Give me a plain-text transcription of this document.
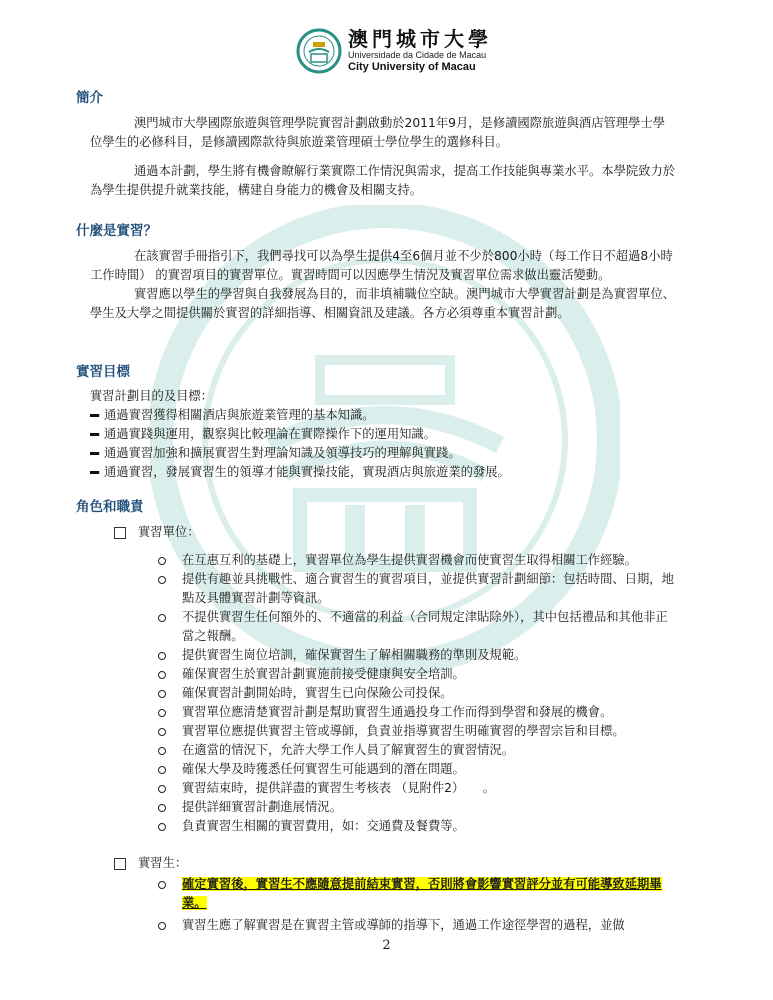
澳門城市大學
Universidade da Cidade de Macau
City University of Macau
簡介

澳門城市大學國際旅遊與管理學院實習計劃啟動於2011年9月，是修讀國際旅遊與酒店管理學士學位學生的必修科目，是修讀國際款待與旅遊業管理碩士學位學生的選修科目。

通過本計劃，學生將有機會瞭解行業實際工作情況與需求，提高工作技能與專業水平。本學院致力於為學生提供提升就業技能，構建自身能力的機會及相關支持。

什麼是實習？

在該實習手冊指引下，我們尋找可以為學生提供4至6個月並不少於800小時（每工作日不超過8小時工作時間） 的實習項目的實習單位。實習時間可以因應學生情況及實習單位需求做出靈活變動。

實習應以學生的學習與自我發展為目的，而非填補職位空缺。澳門城市大學實習計劃是為實習單位、學生及大學之間提供關於實習的詳細指導、相關資訊及建議。各方必須尊重本實習計劃。

實習目標

實習計劃目的及目標：

➖ 通過實習獲得相關酒店與旅遊業管理的基本知識。
➖ 通過實踐與運用，觀察與比較理論在實際操作下的運用知識。
➖ 通過實習加強和擴展實習生對理論知識及領導技巧的理解與實踐。
➖ 通過實習，發展實習生的領導才能與實操技能，實現酒店與旅遊業的發展。
角色和職責
實習單位：
在互惠互利的基礎上，實習單位為學生提供實習機會而使實習生取得相關工作經驗。
提供有趣並具挑戰性、適合實習生的實習項目，並提供實習計劃細節：包括時間、日期，地點及具體實習計劃等資訊。
不提供實習生任何額外的、不適當的利益（合同規定津貼除外），其中包括禮品和其他非正當之報酬。
提供實習生崗位培訓，確保實習生了解相關職務的準則及規範。
確保實習生於實習計劃實施前接受健康與安全培訓。
確保實習計劃開始時，實習生已向保險公司投保。
實習單位應清楚實習計劃是幫助實習生通過投身工作而得到學習和發展的機會。
實習單位應提供實習主管或導師，負責並指導實習生明確實習的學習宗旨和目標。
在適當的情況下，允許大學工作人員了解實習生的實習情況。
確保大學及時獲悉任何實習生可能遇到的潛在問題。
實習結束時，提供詳盡的實習生考核表 （見附件2）　　。
提供詳細實習計劃進展情況。
負責實習生相關的實習費用，如：交通費及餐費等。
實習生：
確定實習後，實習生不應隨意提前結束實習，否則將會影響實習評分並有可能導致延期畢業。
實習生應了解實習是在實習主管或導師的指導下，通過工作途徑學習的過程，並做
2
